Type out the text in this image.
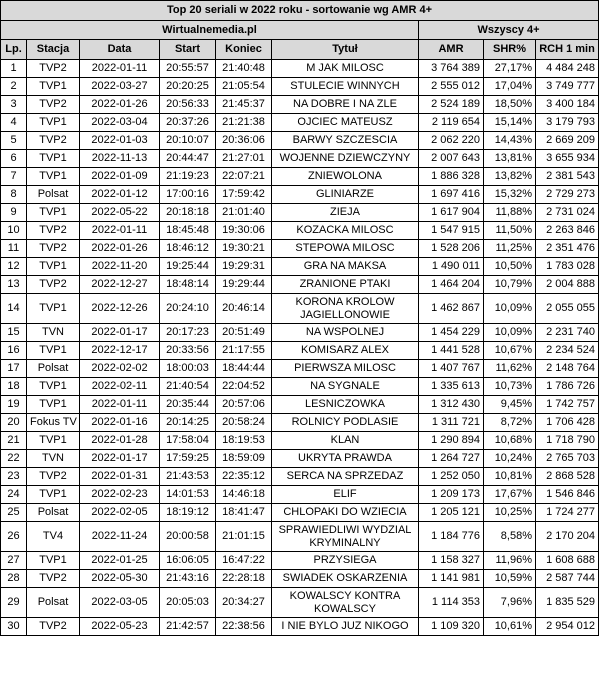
Top 20 seriali w 2022 roku - sortowanie wg AMR 4+								
Wirtualnemedia.pl						Wszyscy 4+		
Lp.	Stacja	Data	Start	Koniec	Tytuł	AMR	SHR%	RCH 1 min
1	TVP2	2022-01-11	20:55:57	21:40:48	M JAK MILOSC	3 764 389	27,17%	4 484 248
2	TVP1	2022-03-27	20:20:25	21:05:54	STULECIE WINNYCH	2 555 012	17,04%	3 749 777
3	TVP2	2022-01-26	20:56:33	21:45:37	NA DOBRE I NA ZLE	2 524 189	18,50%	3 400 184
4	TVP1	2022-03-04	20:37:26	21:21:38	OJCIEC MATEUSZ	2 119 654	15,14%	3 179 793
5	TVP2	2022-01-03	20:10:07	20:36:06	BARWY SZCZESCIA	2 062 220	14,43%	2 669 209
6	TVP1	2022-11-13	20:44:47	21:27:01	WOJENNE DZIEWCZYNY	2 007 643	13,81%	3 655 934
7	TVP1	2022-01-09	21:19:23	22:07:21	ZNIEWOLONA	1 886 328	13,82%	2 381 543
8	Polsat	2022-01-12	17:00:16	17:59:42	GLINIARZE	1 697 416	15,32%	2 729 273
9	TVP1	2022-05-22	20:18:18	21:01:40	ZIEJA	1 617 904	11,88%	2 731 024
10	TVP2	2022-01-11	18:45:48	19:30:06	KOZACKA MILOSC	1 547 915	11,50%	2 263 846
11	TVP2	2022-01-26	18:46:12	19:30:21	STEPOWA MILOSC	1 528 206	11,25%	2 351 476
12	TVP1	2022-11-20	19:25:44	19:29:31	GRA NA MAKSA	1 490 011	10,50%	1 783 028
13	TVP2	2022-12-27	18:48:14	19:29:44	ZRANIONE PTAKI	1 464 204	10,79%	2 004 888
14	TVP1	2022-12-26	20:24:10	20:46:14	KORONA KROLOW JAGIELLONOWIE	1 462 867	10,09%	2 055 055
15	TVN	2022-01-17	20:17:23	20:51:49	NA WSPOLNEJ	1 454 229	10,09%	2 231 740
16	TVP1	2022-12-17	20:33:56	21:17:55	KOMISARZ ALEX	1 441 528	10,67%	2 234 524
17	Polsat	2022-02-02	18:00:03	18:44:44	PIERWSZA MILOSC	1 407 767	11,62%	2 148 764
18	TVP1	2022-02-11	21:40:54	22:04:52	NA SYGNALE	1 335 613	10,73%	1 786 726
19	TVP1	2022-01-11	20:35:44	20:57:06	LESNICZOWKA	1 312 430	9,45%	1 742 757
20	Fokus TV	2022-01-16	20:14:25	20:58:24	ROLNICY PODLASIE	1 311 721	8,72%	1 706 428
21	TVP1	2022-01-28	17:58:04	18:19:53	KLAN	1 290 894	10,68%	1 718 790
22	TVN	2022-01-17	17:59:25	18:59:09	UKRYTA PRAWDA	1 264 727	10,24%	2 765 703
23	TVP2	2022-01-31	21:43:53	22:35:12	SERCA NA SPRZEDAZ	1 252 050	10,81%	2 868 528
24	TVP1	2022-02-23	14:01:53	14:46:18	ELIF	1 209 173	17,67%	1 546 846
25	Polsat	2022-02-05	18:19:12	18:41:47	CHLOPAKI DO WZIECIA	1 205 121	10,25%	1 724 277
26	TV4	2022-11-24	20:00:58	21:01:15	SPRAWIEDLIWI WYDZIAL KRYMINALNY	1 184 776	8,58%	2 170 204
27	TVP1	2022-01-25	16:06:05	16:47:22	PRZYSIEGA	1 158 327	11,96%	1 608 688
28	TVP2	2022-05-30	21:43:16	22:28:18	SWIADEK OSKARZENIA	1 141 981	10,59%	2 587 744
29	Polsat	2022-03-05	20:05:03	20:34:27	KOWALSCY KONTRA KOWALSCY	1 114 353	7,96%	1 835 529
30	TVP2	2022-05-23	21:42:57	22:38:56	I NIE BYLO JUZ NIKOGO	1 109 320	10,61%	2 954 012
